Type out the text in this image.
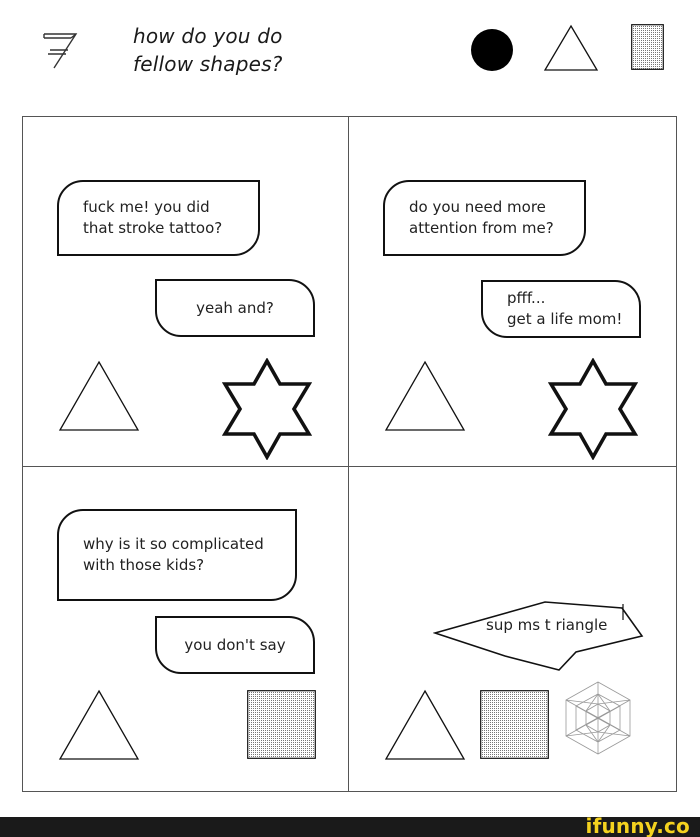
how do you do
fellow shapes?
fuck me! you did
that stroke tattoo?
yeah and?
do you need more
attention from me?
pfff...
get a life mom!
why is it so complicated
with those kids?
you don't say
sup ms t riangle
ifunny.co
